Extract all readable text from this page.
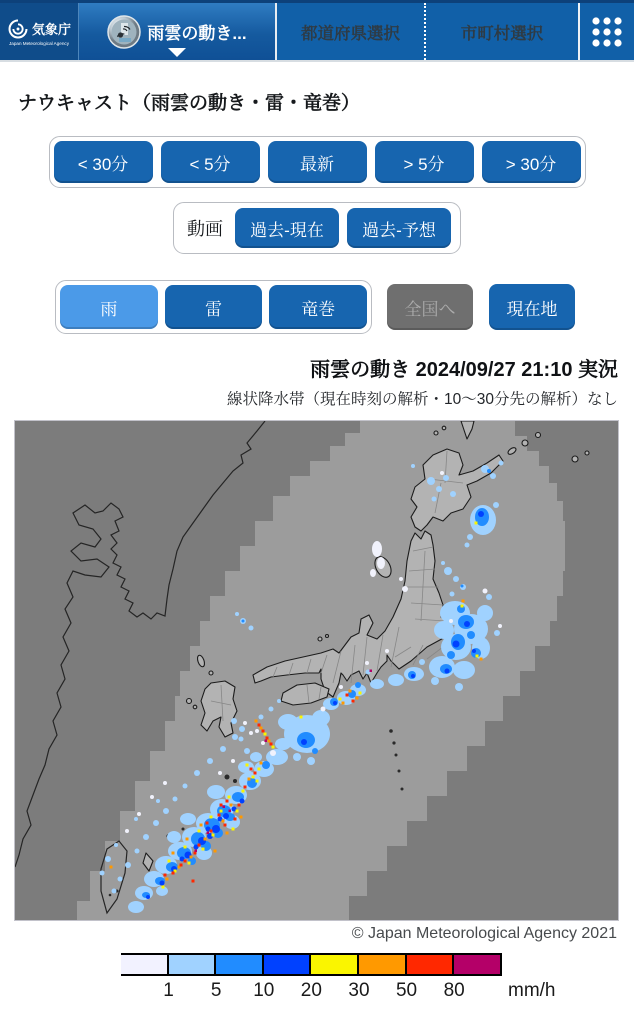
気象庁
Japan Meteorological Agency	雨雲の動き...	都道府県選択	市町村選択
ナウキャスト（雨雲の動き・雷・竜巻）
< 30分	< 5分	最新	> 5分	> 30分
動画	過去-現在	過去-予想
雨	雷	竜巻	全国へ	現在地
雨雲の動き 2024/09/27 21:10 実況
線状降水帯（現在時刻の解析・10〜30分先の解析）なし
© Japan Meteorological Agency 2021
1	5	10	20	30	50	80	mm/h
